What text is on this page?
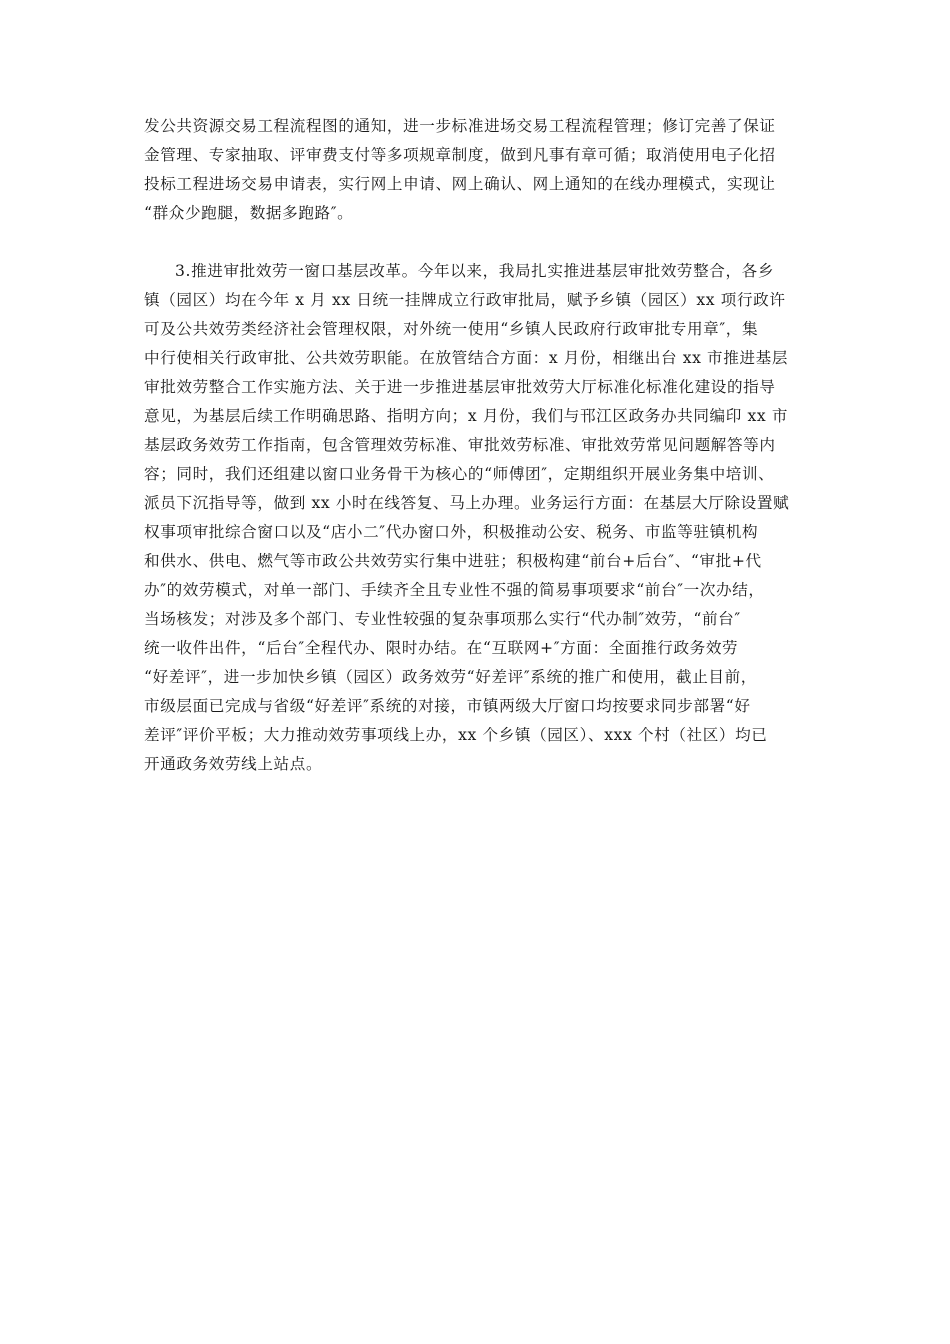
发公共资源交易工程流程图的通知，进一步标准进场交易工程流程管理；修订完善了保证
金管理、专家抽取、评审费支付等多项规章制度，做到凡事有章可循；取消使用电子化招
投标工程进场交易申请表，实行网上申请、网上确认、网上通知的在线办理模式，实现让
“群众少跑腿，数据多跑路″。
3.推进审批效劳一窗口基层改革。今年以来，我局扎实推进基层审批效劳整合，各乡
镇（园区）均在今年 x 月 xx 日统一挂牌成立行政审批局，赋予乡镇（园区）xx 项行政许
可及公共效劳类经济社会管理权限，对外统一使用“乡镇人民政府行政审批专用章″，集
中行使相关行政审批、公共效劳职能。在放管结合方面：x 月份，相继出台 xx 市推进基层
审批效劳整合工作实施方法、关于进一步推进基层审批效劳大厅标准化标准化建设的指导
意见，为基层后续工作明确思路、指明方向；x 月份，我们与邗江区政务办共同编印 xx 市
基层政务效劳工作指南，包含管理效劳标准、审批效劳标准、审批效劳常见问题解答等内
容；同时，我们还组建以窗口业务骨干为核心的“师傅团″，定期组织开展业务集中培训、
派员下沉指导等，做到 xx 小时在线答复、马上办理。业务运行方面：在基层大厅除设置赋
权事项审批综合窗口以及“店小二″代办窗口外，积极推动公安、税务、市监等驻镇机构
和供水、供电、燃气等市政公共效劳实行集中进驻；积极构建“前台+后台″、“审批+代
办″的效劳模式，对单一部门、手续齐全且专业性不强的简易事项要求“前台″一次办结，
当场核发；对涉及多个部门、专业性较强的复杂事项那么实行“代办制″效劳，“前台″
统一收件出件，“后台″全程代办、限时办结。在“互联网+″方面：全面推行政务效劳
“好差评″，进一步加快乡镇（园区）政务效劳“好差评″系统的推广和使用，截止目前，
市级层面已完成与省级“好差评″系统的对接，市镇两级大厅窗口均按要求同步部署“好
差评″评价平板；大力推动效劳事项线上办，xx 个乡镇（园区）、xxx 个村（社区）均已
开通政务效劳线上站点。
